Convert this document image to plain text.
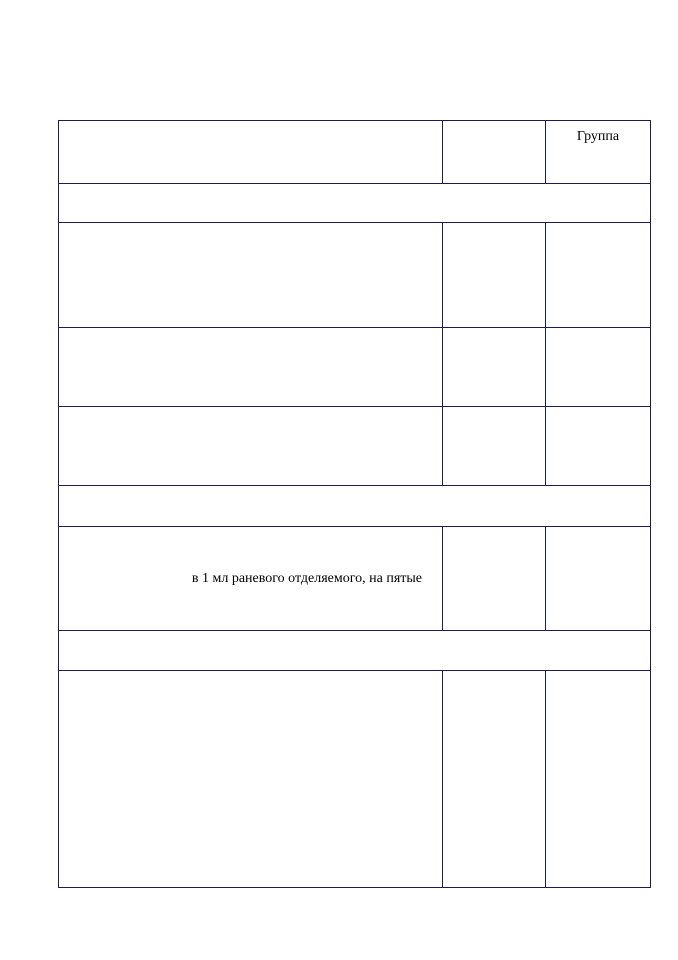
		Группа

в 1 мл раневого отделяемого, на пятые		
